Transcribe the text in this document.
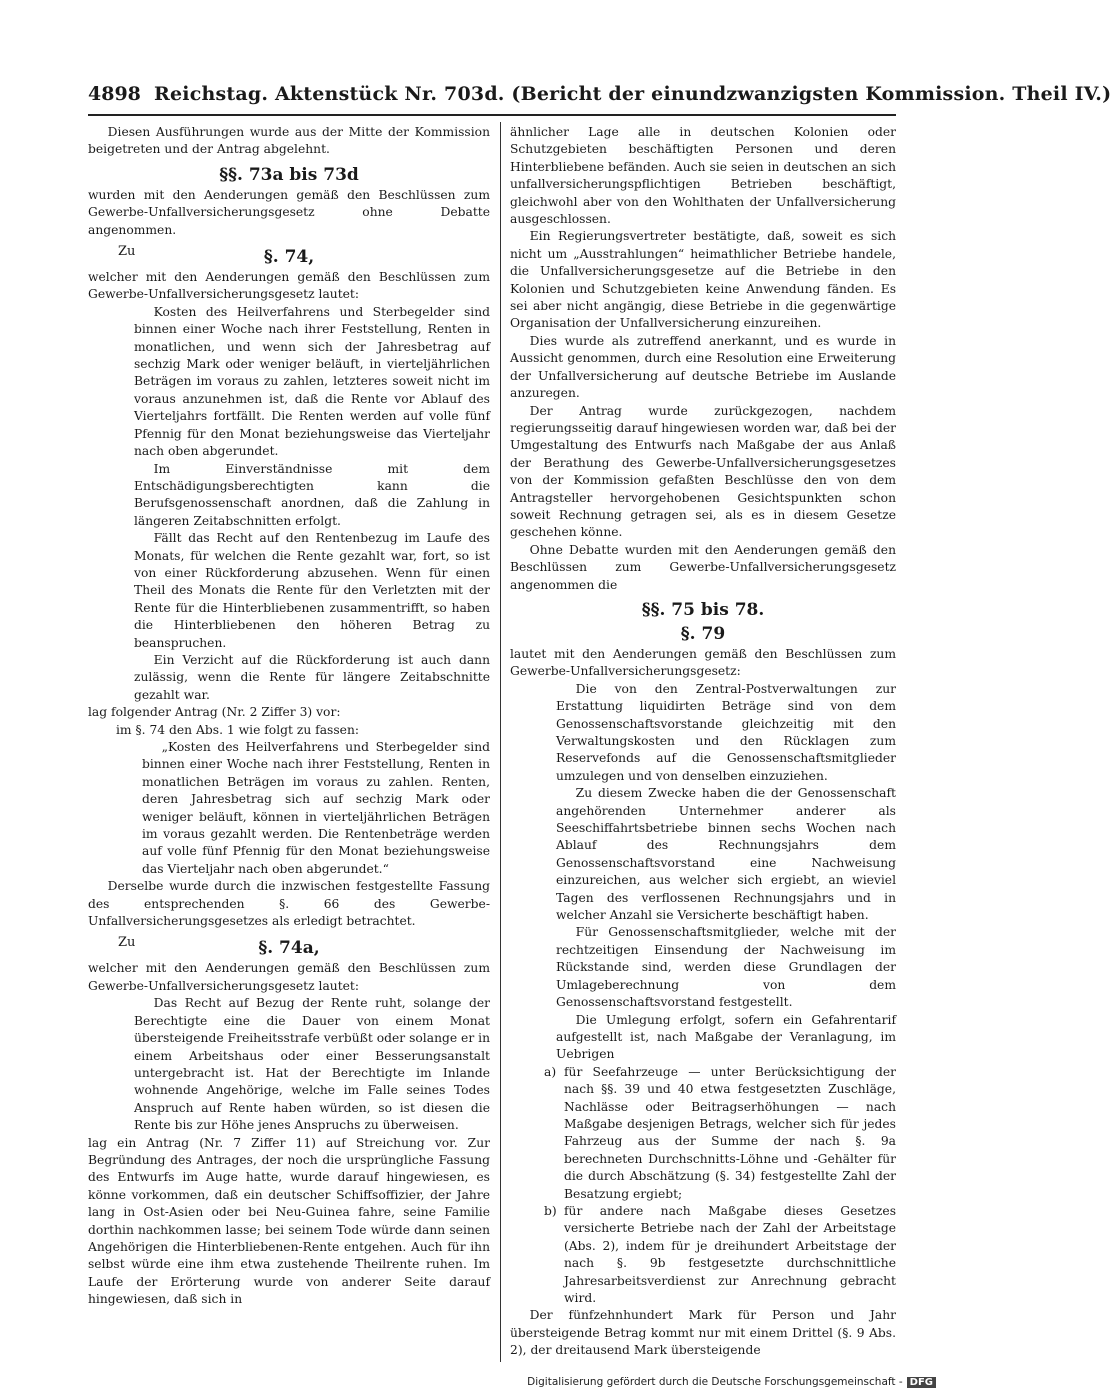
4898 Reichstag. Aktenstück Nr. 703d. (Bericht der einundzwanzigsten Kommission. Theil IV.)

Diesen Ausführungen wurde aus der Mitte der Kommission beigetreten und der Antrag abgelehnt.

§§. 73a bis 73d

wurden mit den Aenderungen gemäß den Beschlüssen zum Gewerbe-Unfallversicherungsgesetz ohne Debatte angenommen.

Zu	§. 74,

welcher mit den Aenderungen gemäß den Beschlüssen zum Gewerbe-Unfallversicherungsgesetz lautet:

Kosten des Heilverfahrens und Sterbegelder sind binnen einer Woche nach ihrer Feststellung, Renten in monatlichen, und wenn sich der Jahresbetrag auf sechzig Mark oder weniger beläuft, in vierteljährlichen Beträgen im voraus zu zahlen, letzteres soweit nicht im voraus anzunehmen ist, daß die Rente vor Ablauf des Vierteljahrs fortfällt. Die Renten werden auf volle fünf Pfennig für den Monat beziehungsweise das Vierteljahr nach oben abgerundet.

Im Einverständnisse mit dem Entschädigungsberechtigten kann die Berufsgenossenschaft anordnen, daß die Zahlung in längeren Zeitabschnitten erfolgt.

Fällt das Recht auf den Rentenbezug im Laufe des Monats, für welchen die Rente gezahlt war, fort, so ist von einer Rückforderung abzusehen. Wenn für einen Theil des Monats die Rente für den Verletzten mit der Rente für die Hinterbliebenen zusammentrifft, so haben die Hinterbliebenen den höheren Betrag zu beanspruchen.

Ein Verzicht auf die Rückforderung ist auch dann zulässig, wenn die Rente für längere Zeitabschnitte gezahlt war.

lag folgender Antrag (Nr. 2 Ziffer 3) vor:

im §. 74 den Abs. 1 wie folgt zu fassen:

„Kosten des Heilverfahrens und Sterbegelder sind binnen einer Woche nach ihrer Feststellung, Renten in monatlichen Beträgen im voraus zu zahlen. Renten, deren Jahresbetrag sich auf sechzig Mark oder weniger beläuft, können in vierteljährlichen Beträgen im voraus gezahlt werden. Die Rentenbeträge werden auf volle fünf Pfennig für den Monat beziehungsweise das Vierteljahr nach oben abgerundet.“

Derselbe wurde durch die inzwischen festgestellte Fassung des entsprechenden §. 66 des Gewerbe-Unfallversicherungsgesetzes als erledigt betrachtet.

Zu	§. 74a,

welcher mit den Aenderungen gemäß den Beschlüssen zum Gewerbe-Unfallversicherungsgesetz lautet:

Das Recht auf Bezug der Rente ruht, solange der Berechtigte eine die Dauer von einem Monat übersteigende Freiheitsstrafe verbüßt oder solange er in einem Arbeitshaus oder einer Besserungsanstalt untergebracht ist. Hat der Berechtigte im Inlande wohnende Angehörige, welche im Falle seines Todes Anspruch auf Rente haben würden, so ist diesen die Rente bis zur Höhe jenes Anspruchs zu überweisen.

lag ein Antrag (Nr. 7 Ziffer 11) auf Streichung vor. Zur Begründung des Antrages, der noch die ursprüngliche Fassung des Entwurfs im Auge hatte, wurde darauf hingewiesen, es könne vorkommen, daß ein deutscher Schiffsoffizier, der Jahre lang in Ost-Asien oder bei Neu-Guinea fahre, seine Familie dorthin nachkommen lasse; bei seinem Tode würde dann seinen Angehörigen die Hinterbliebenen-Rente entgehen. Auch für ihn selbst würde eine ihm etwa zustehende Theilrente ruhen. Im Laufe der Erörterung wurde von anderer Seite darauf hingewiesen, daß sich in

ähnlicher Lage alle in deutschen Kolonien oder Schutzgebieten beschäftigten Personen und deren Hinterbliebene befänden. Auch sie seien in deutschen an sich unfallversicherungspflichtigen Betrieben beschäftigt, gleichwohl aber von den Wohlthaten der Unfallversicherung ausgeschlossen.

Ein Regierungsvertreter bestätigte, daß, soweit es sich nicht um „Ausstrahlungen“ heimathlicher Betriebe handele, die Unfallversicherungsgesetze auf die Betriebe in den Kolonien und Schutzgebieten keine Anwendung fänden. Es sei aber nicht angängig, diese Betriebe in die gegenwärtige Organisation der Unfallversicherung einzureihen.

Dies wurde als zutreffend anerkannt, und es wurde in Aussicht genommen, durch eine Resolution eine Erweiterung der Unfallversicherung auf deutsche Betriebe im Auslande anzuregen.

Der Antrag wurde zurückgezogen, nachdem regierungsseitig darauf hingewiesen worden war, daß bei der Umgestaltung des Entwurfs nach Maßgabe der aus Anlaß der Berathung des Gewerbe-Unfallversicherungsgesetzes von der Kommission gefaßten Beschlüsse den von dem Antragsteller hervorgehobenen Gesichtspunkten schon soweit Rechnung getragen sei, als es in diesem Gesetze geschehen könne.

Ohne Debatte wurden mit den Aenderungen gemäß den Beschlüssen zum Gewerbe-Unfallversicherungsgesetz angenommen die

§§. 75 bis 78.
§. 79

lautet mit den Aenderungen gemäß den Beschlüssen zum Gewerbe-Unfallversicherungsgesetz:

Die von den Zentral-Postverwaltungen zur Erstattung liquidirten Beträge sind von dem Genossenschaftsvorstande gleichzeitig mit den Verwaltungskosten und den Rücklagen zum Reservefonds auf die Genossenschaftsmitglieder umzulegen und von denselben einzuziehen.

Zu diesem Zwecke haben die der Genossenschaft angehörenden Unternehmer anderer als Seeschiffahrtsbetriebe binnen sechs Wochen nach Ablauf des Rechnungsjahrs dem Genossenschaftsvorstand eine Nachweisung einzureichen, aus welcher sich ergiebt, an wieviel Tagen des verflossenen Rechnungsjahrs und in welcher Anzahl sie Versicherte beschäftigt haben.

Für Genossenschaftsmitglieder, welche mit der rechtzeitigen Einsendung der Nachweisung im Rückstande sind, werden diese Grundlagen der Umlageberechnung von dem Genossenschaftsvorstand festgestellt.

Die Umlegung erfolgt, sofern ein Gefahrentarif aufgestellt ist, nach Maßgabe der Veranlagung, im Uebrigen

a) für Seefahrzeuge — unter Berücksichtigung der nach §§. 39 und 40 etwa festgesetzten Zuschläge, Nachlässe oder Beitragserhöhungen — nach Maßgabe desjenigen Betrags, welcher sich für jedes Fahrzeug aus der Summe der nach §. 9a berechneten Durchschnitts-Löhne und -Gehälter für die durch Abschätzung (§. 34) festgestellte Zahl der Besatzung ergiebt;

b) für andere nach Maßgabe dieses Gesetzes versicherte Betriebe nach der Zahl der Arbeitstage (Abs. 2), indem für je dreihundert Arbeitstage der nach §. 9b festgesetzte durchschnittliche Jahresarbeitsverdienst zur Anrechnung gebracht wird.

Der fünfzehnhundert Mark für Person und Jahr übersteigende Betrag kommt nur mit einem Drittel (§. 9 Abs. 2), der dreitausend Mark übersteigende

Digitalisierung gefördert durch die Deutsche Forschungsgemeinschaft - DFG
